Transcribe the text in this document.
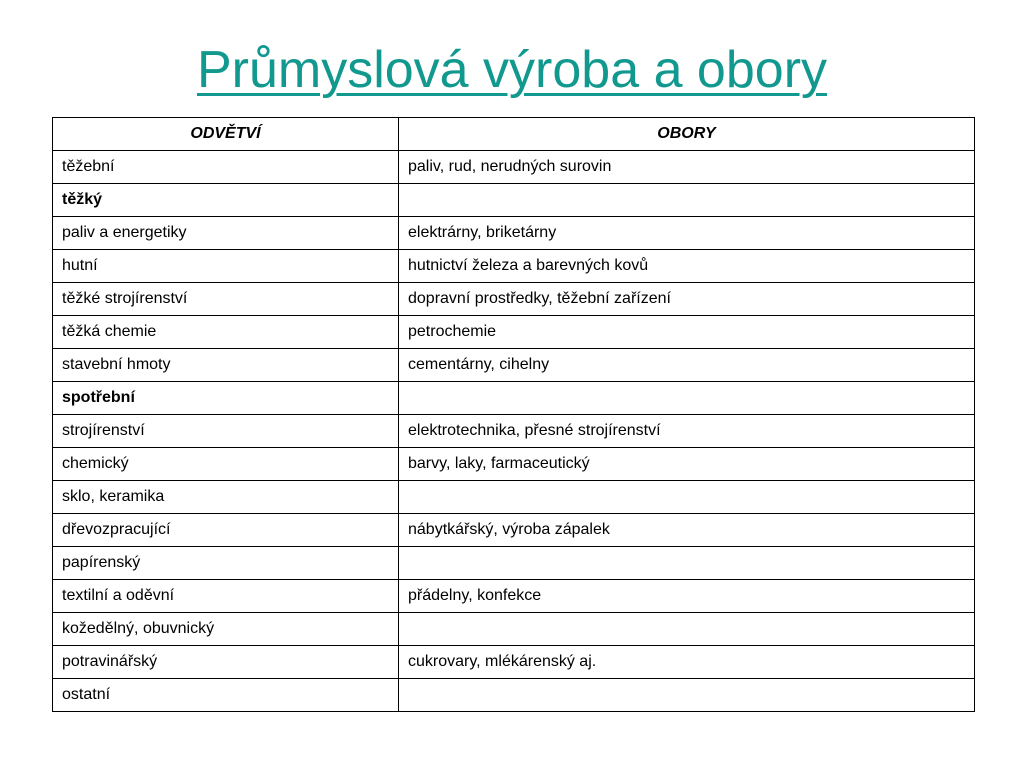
Průmyslová výroba a obory
ODVĚTVÍ	OBORY
těžební	paliv, rud, nerudných surovin
těžký	
paliv a energetiky	elektrárny, briketárny
hutní	hutnictví železa a barevných kovů
těžké strojírenství	dopravní prostředky, těžební zařízení
těžká chemie	petrochemie
stavební hmoty	cementárny, cihelny
spotřební	
strojírenství	elektrotechnika, přesné strojírenství
chemický	barvy, laky, farmaceutický
sklo, keramika	
dřevozpracující	nábytkářský, výroba zápalek
papírenský	
textilní a oděvní	přádelny, konfekce
kožedělný, obuvnický	
potravinářský	cukrovary, mlékárenský aj.
ostatní	
